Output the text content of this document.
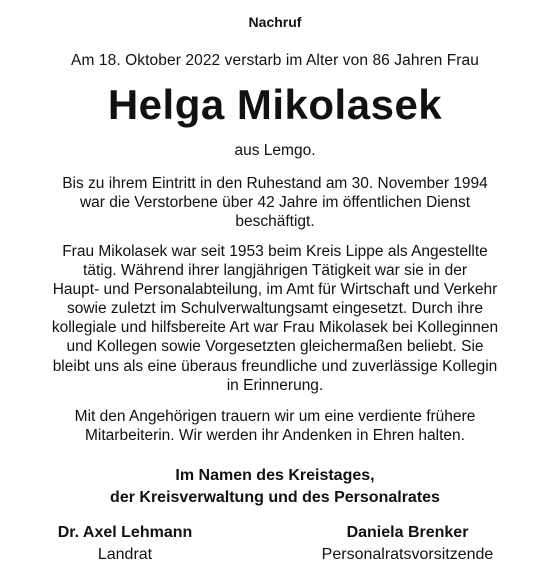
Nachruf
Am 18. Oktober 2022 verstarb im Alter von 86 Jahren Frau
Helga Mikolasek
aus Lemgo.
Bis zu ihrem Eintritt in den Ruhestand am 30. November 1994
war die Verstorbene über 42 Jahre im öffentlichen Dienst
beschäftigt.
Frau Mikolasek war seit 1953 beim Kreis Lippe als Angestellte
tätig. Während ihrer langjährigen Tätigkeit war sie in der
Haupt- und Personalabteilung, im Amt für Wirtschaft und Verkehr
sowie zuletzt im Schulverwaltungsamt eingesetzt. Durch ihre
kollegiale und hilfsbereite Art war Frau Mikolasek bei Kolleginnen
und Kollegen sowie Vorgesetzten gleichermaßen beliebt. Sie
bleibt uns als eine überaus freundliche und zuverlässige Kollegin
in Erinnerung.
Mit den Angehörigen trauern wir um eine verdiente frühere
Mitarbeiterin. Wir werden ihr Andenken in Ehren halten.
Im Namen des Kreistages,
der Kreisverwaltung und des Personalrates
Dr. Axel Lehmann
Landrat
Daniela Brenker
Personalratsvorsitzende
